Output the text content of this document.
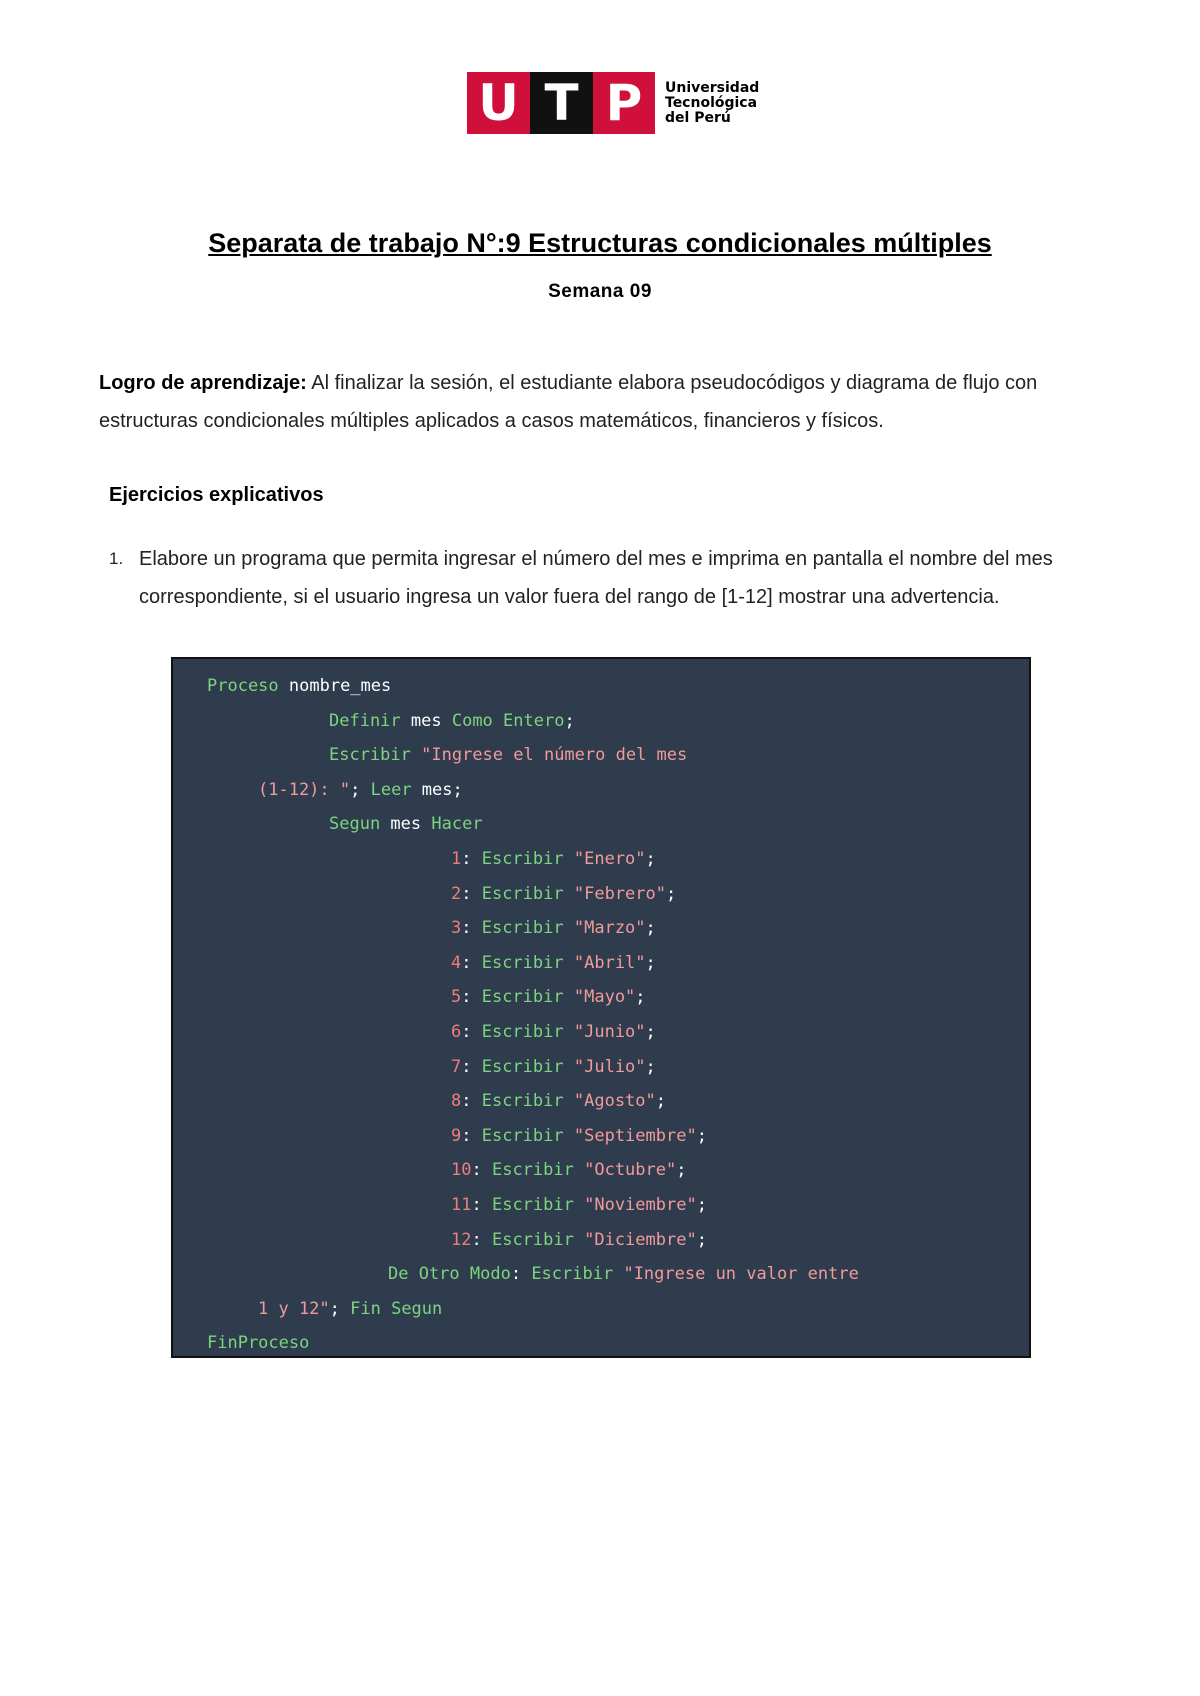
U T P	Universidad
Tecnológica
del Perú
Separata de trabajo N°:9 Estructuras condicionales múltiples
Semana 09
Logro de aprendizaje: Al finalizar la sesión, el estudiante elabora pseudocódigos y diagrama de flujo con estructuras condicionales múltiples aplicados a casos matemáticos, financieros y físicos.
Ejercicios explicativos
1. Elabore un programa que permita ingresar el número del mes e imprima en pantalla el nombre del mes correspondiente, si el usuario ingresa un valor fuera del rango de [1-12] mostrar una advertencia.
Proceso nombre_mes
Definir mes Como Entero;
Escribir "Ingrese el número del mes
(1-12): "; Leer mes;
Segun mes Hacer
1: Escribir "Enero";
2: Escribir "Febrero";
3: Escribir "Marzo";
4: Escribir "Abril";
5: Escribir "Mayo";
6: Escribir "Junio";
7: Escribir "Julio";
8: Escribir "Agosto";
9: Escribir "Septiembre";
10: Escribir "Octubre";
11: Escribir "Noviembre";
12: Escribir "Diciembre";
De Otro Modo: Escribir "Ingrese un valor entre
1 y 12"; Fin Segun
FinProceso
